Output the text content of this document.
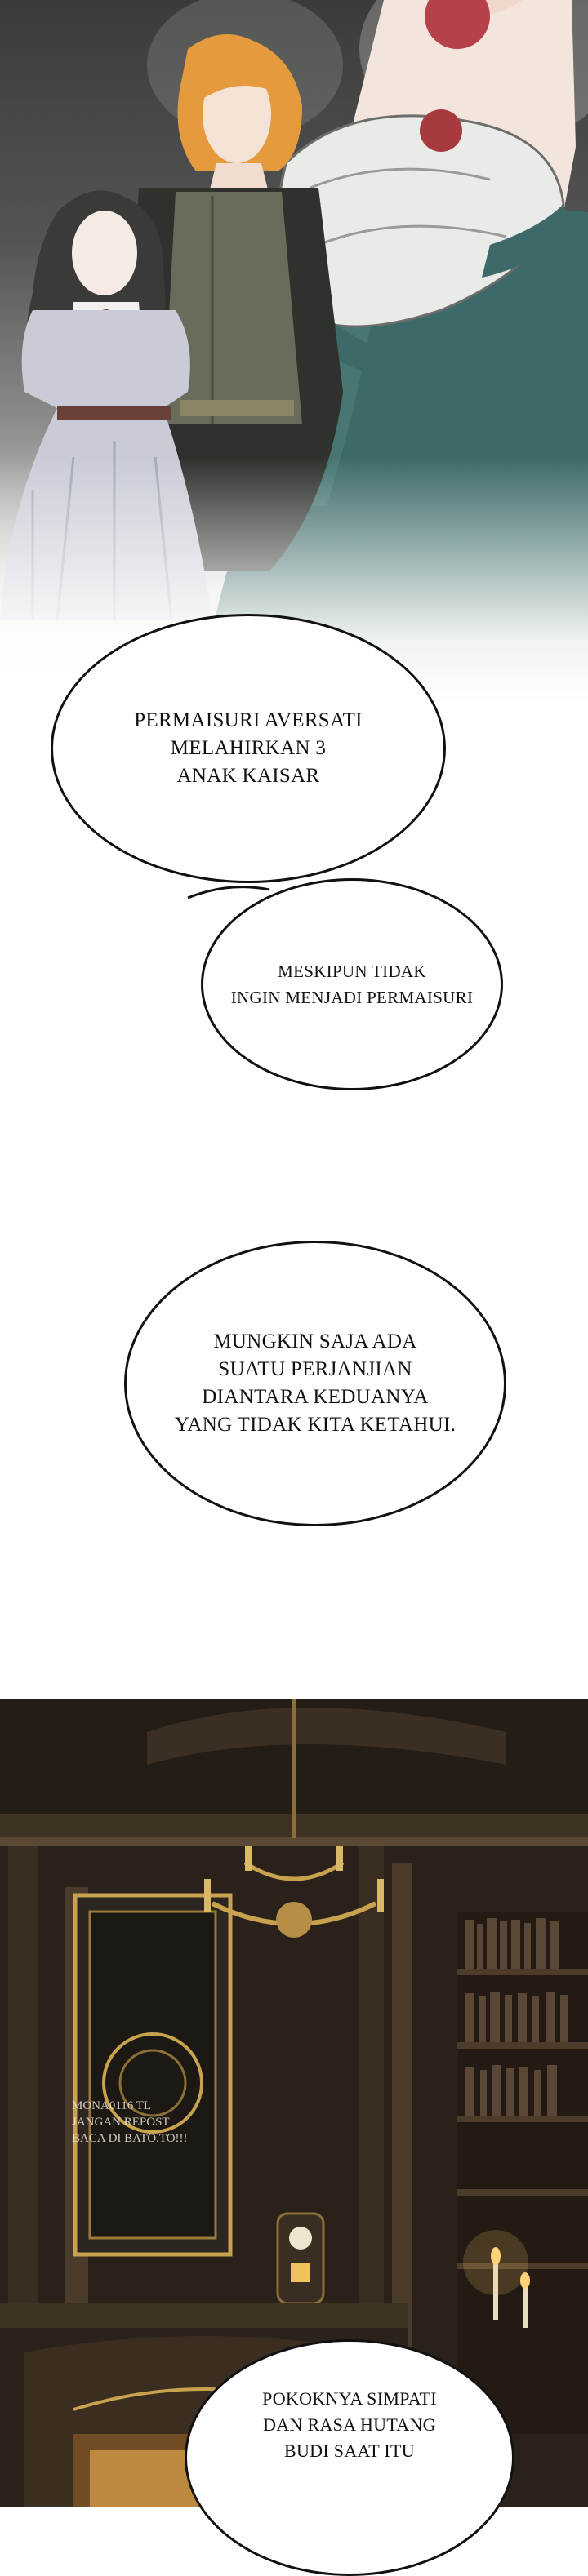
PERMAISURI AVERSATI
MELAHIRKAN 3
ANAK KAISAR
MESKIPUN TIDAK
INGIN MENJADI PERMAISURI
MUNGKIN SAJA ADA
SUATU PERJANJIAN
DIANTARA KEDUANYA
YANG TIDAK KITA KETAHUI.
MONA0116 TL
JANGAN REPOST
BACA DI BATO.TO!!!
POKOKNYA SIMPATI
DAN RASA HUTANG
BUDI SAAT ITU
